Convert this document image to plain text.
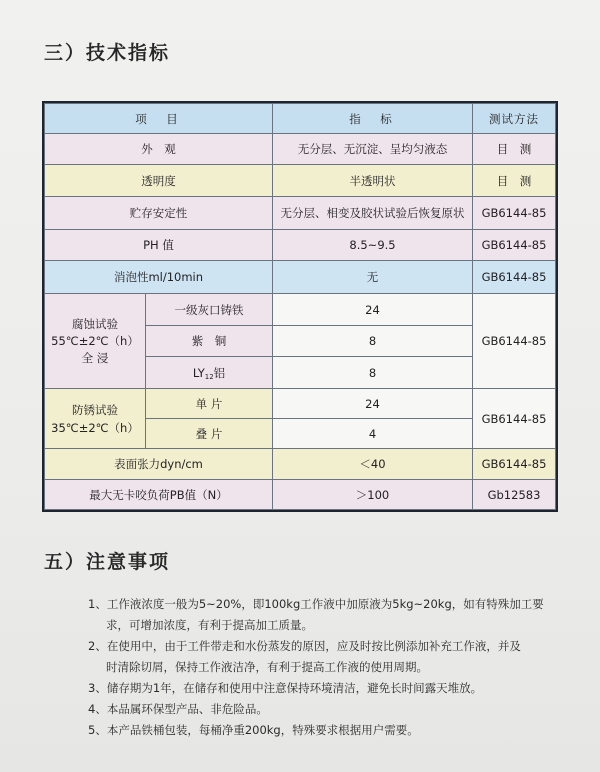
三）技术指标
项　目		指　标	测试方法
外　观		无分层、无沉淀、呈均匀液态	目　测
透明度		半透明状	目　测
贮存安定性		无分层、相变及胶状试验后恢复原状	GB6144-85
PH 值		8.5~9.5	GB6144-85
消泡性ml/10min		无	GB6144-85
腐蚀试验
55℃±2℃（h）
全 浸	一级灰口铸铁	24	GB6144-85
	紫　铜	8	
	$LY_{12}$铝	8	
防锈试验
35℃±2℃（h）	单 片	24	GB6144-85
	叠 片	4	
表面张力dyn/cm		＜40	GB6144-85
最大无卡咬负荷PB值（N）		＞100	Gb12583
五）注意事项
1、工作液浓度一般为5~20%，即100kg工作液中加原液为5kg~20kg，如有特殊加工要
求，可增加浓度，有利于提高加工质量。
2、在使用中，由于工件带走和水份蒸发的原因，应及时按比例添加补充工作液，并及
时清除切屑，保持工作液洁净，有利于提高工作液的使用周期。
3、储存期为1年，在储存和使用中注意保持环境清洁，避免长时间露天堆放。
4、本品属环保型产品、非危险品。
5、本产品铁桶包装，每桶净重200kg，特殊要求根据用户需要。
